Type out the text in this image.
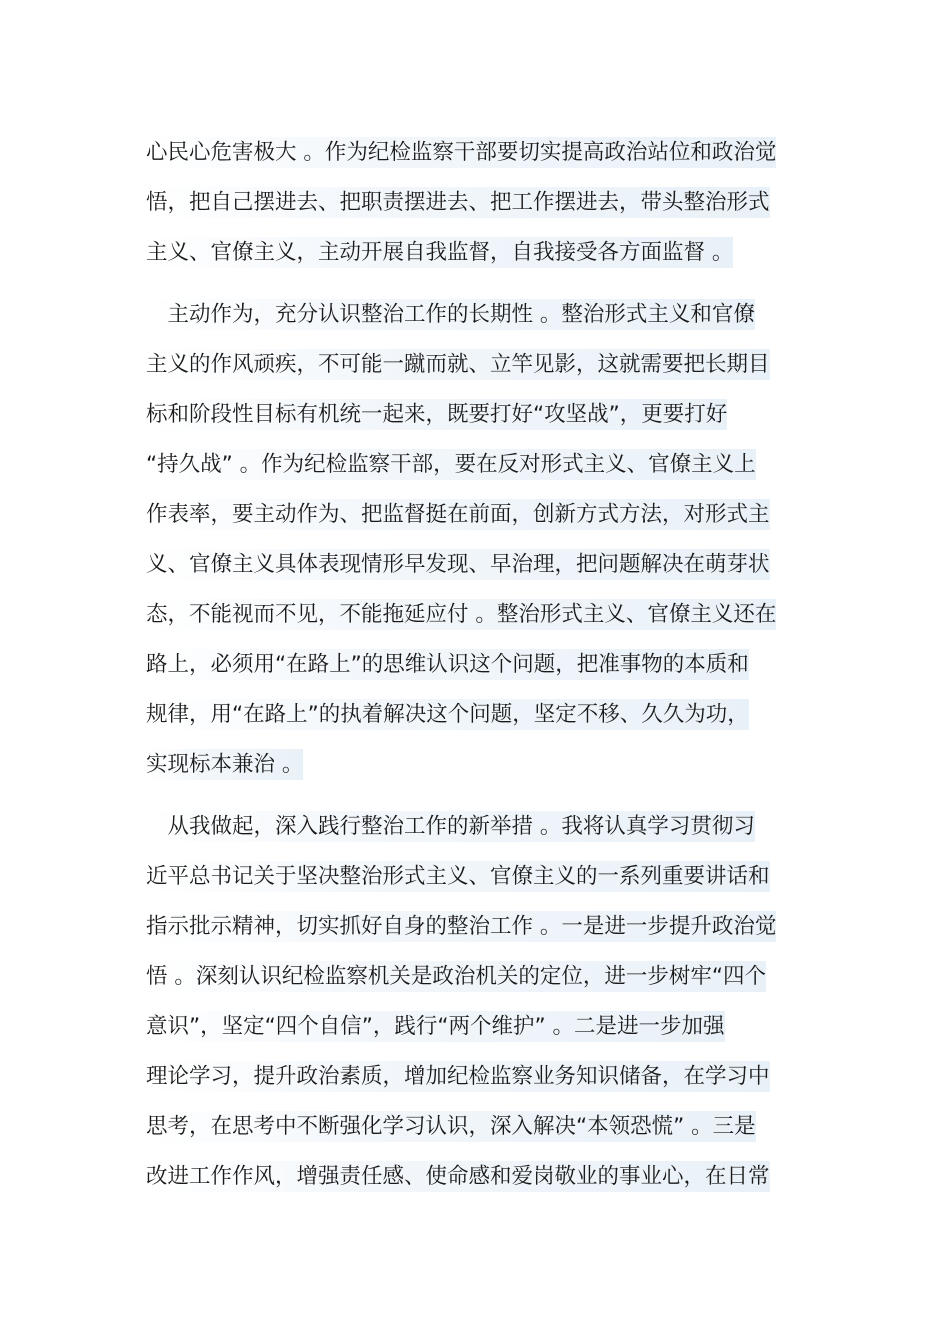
心民心危害极大 。作为纪检监察干部要切实提高政治站位和政治觉
悟，把自己摆进去、把职责摆进去、把工作摆进去，带头整治形式
主义、官僚主义，主动开展自我监督，自我接受各方面监督 。
　主动作为，充分认识整治工作的长期性 。整治形式主义和官僚
主义的作风顽疾，不可能一蹴而就、立竿见影，这就需要把长期目
标和阶段性目标有机统一起来，既要打好“攻坚战”，更要打好
“持久战” 。作为纪检监察干部，要在反对形式主义、官僚主义上
作表率，要主动作为、把监督挺在前面，创新方式方法，对形式主
义、官僚主义具体表现情形早发现、早治理，把问题解决在萌芽状
态，不能视而不见，不能拖延应付 。整治形式主义、官僚主义还在
路上，必须用“在路上”的思维认识这个问题，把准事物的本质和
规律，用“在路上”的执着解决这个问题，坚定不移、久久为功，
实现标本兼治 。
　从我做起，深入践行整治工作的新举措 。我将认真学习贯彻习
近平总书记关于坚决整治形式主义、官僚主义的一系列重要讲话和
指示批示精神，切实抓好自身的整治工作 。一是进一步提升政治觉
悟 。深刻认识纪检监察机关是政治机关的定位，进一步树牢“四个
意识”，坚定“四个自信”，践行“两个维护” 。二是进一步加强
理论学习，提升政治素质，增加纪检监察业务知识储备，在学习中
思考，在思考中不断强化学习认识，深入解决“本领恐慌” 。三是
改进工作作风，增强责任感、使命感和爱岗敬业的事业心，在日常
